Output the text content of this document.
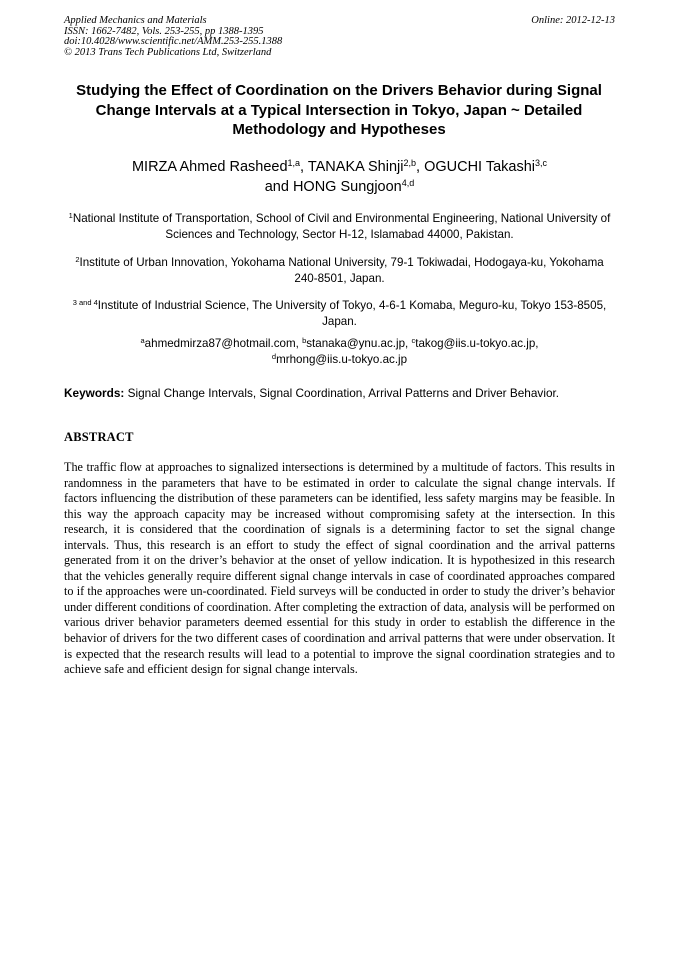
Applied Mechanics and Materials
ISSN: 1662-7482, Vols. 253-255, pp 1388-1395
doi:10.4028/www.scientific.net/AMM.253-255.1388
© 2013 Trans Tech Publications Ltd, Switzerland
Online: 2012-12-13
Studying the Effect of Coordination on the Drivers Behavior during Signal Change Intervals at a Typical Intersection in Tokyo, Japan ~ Detailed Methodology and Hypotheses
MIRZA Ahmed Rasheed$^{1,a}$, TANAKA Shinji$^{2,b}$, OGUCHI Takashi$^{3,c}$
and HONG Sungjoon$^{4,d}$
$^1$National Institute of Transportation, School of Civil and Environmental Engineering, National University of Sciences and Technology, Sector H-12, Islamabad 44000, Pakistan.
$^2$Institute of Urban Innovation, Yokohama National University, 79-1 Tokiwadai, Hodogaya-ku, Yokohama 240-8501, Japan.
$^{3 and 4}$Institute of Industrial Science, The University of Tokyo, 4-6-1 Komaba, Meguro-ku, Tokyo 153-8505, Japan.
$^a$ahmedmirza87@hotmail.com, $^b$stanaka@ynu.ac.jp, $^c$takog@iis.u-tokyo.ac.jp,
$^d$mrhong@iis.u-tokyo.ac.jp
Keywords: Signal Change Intervals, Signal Coordination, Arrival Patterns and Driver Behavior.
ABSTRACT
The traffic flow at approaches to signalized intersections is determined by a multitude of factors. This results in randomness in the parameters that have to be estimated in order to calculate the signal change intervals. If factors influencing the distribution of these parameters can be identified, less safety margins may be feasible. In this way the approach capacity may be increased without compromising safety at the intersection. In this research, it is considered that the coordination of signals is a determining factor to set the signal change intervals. Thus, this research is an effort to study the effect of signal coordination and the arrival patterns generated from it on the driver’s behavior at the onset of yellow indication. It is hypothesized in this research that the vehicles generally require different signal change intervals in case of coordinated approaches compared to if the approaches were un-coordinated. Field surveys will be conducted in order to study the driver’s behavior under different conditions of coordination. After completing the extraction of data, analysis will be performed on various driver behavior parameters deemed essential for this study in order to establish the difference in the behavior of drivers for the two different cases of coordination and arrival patterns that were under observation. It is expected that the research results will lead to a potential to improve the signal coordination strategies and to achieve safe and efficient design for signal change intervals.
